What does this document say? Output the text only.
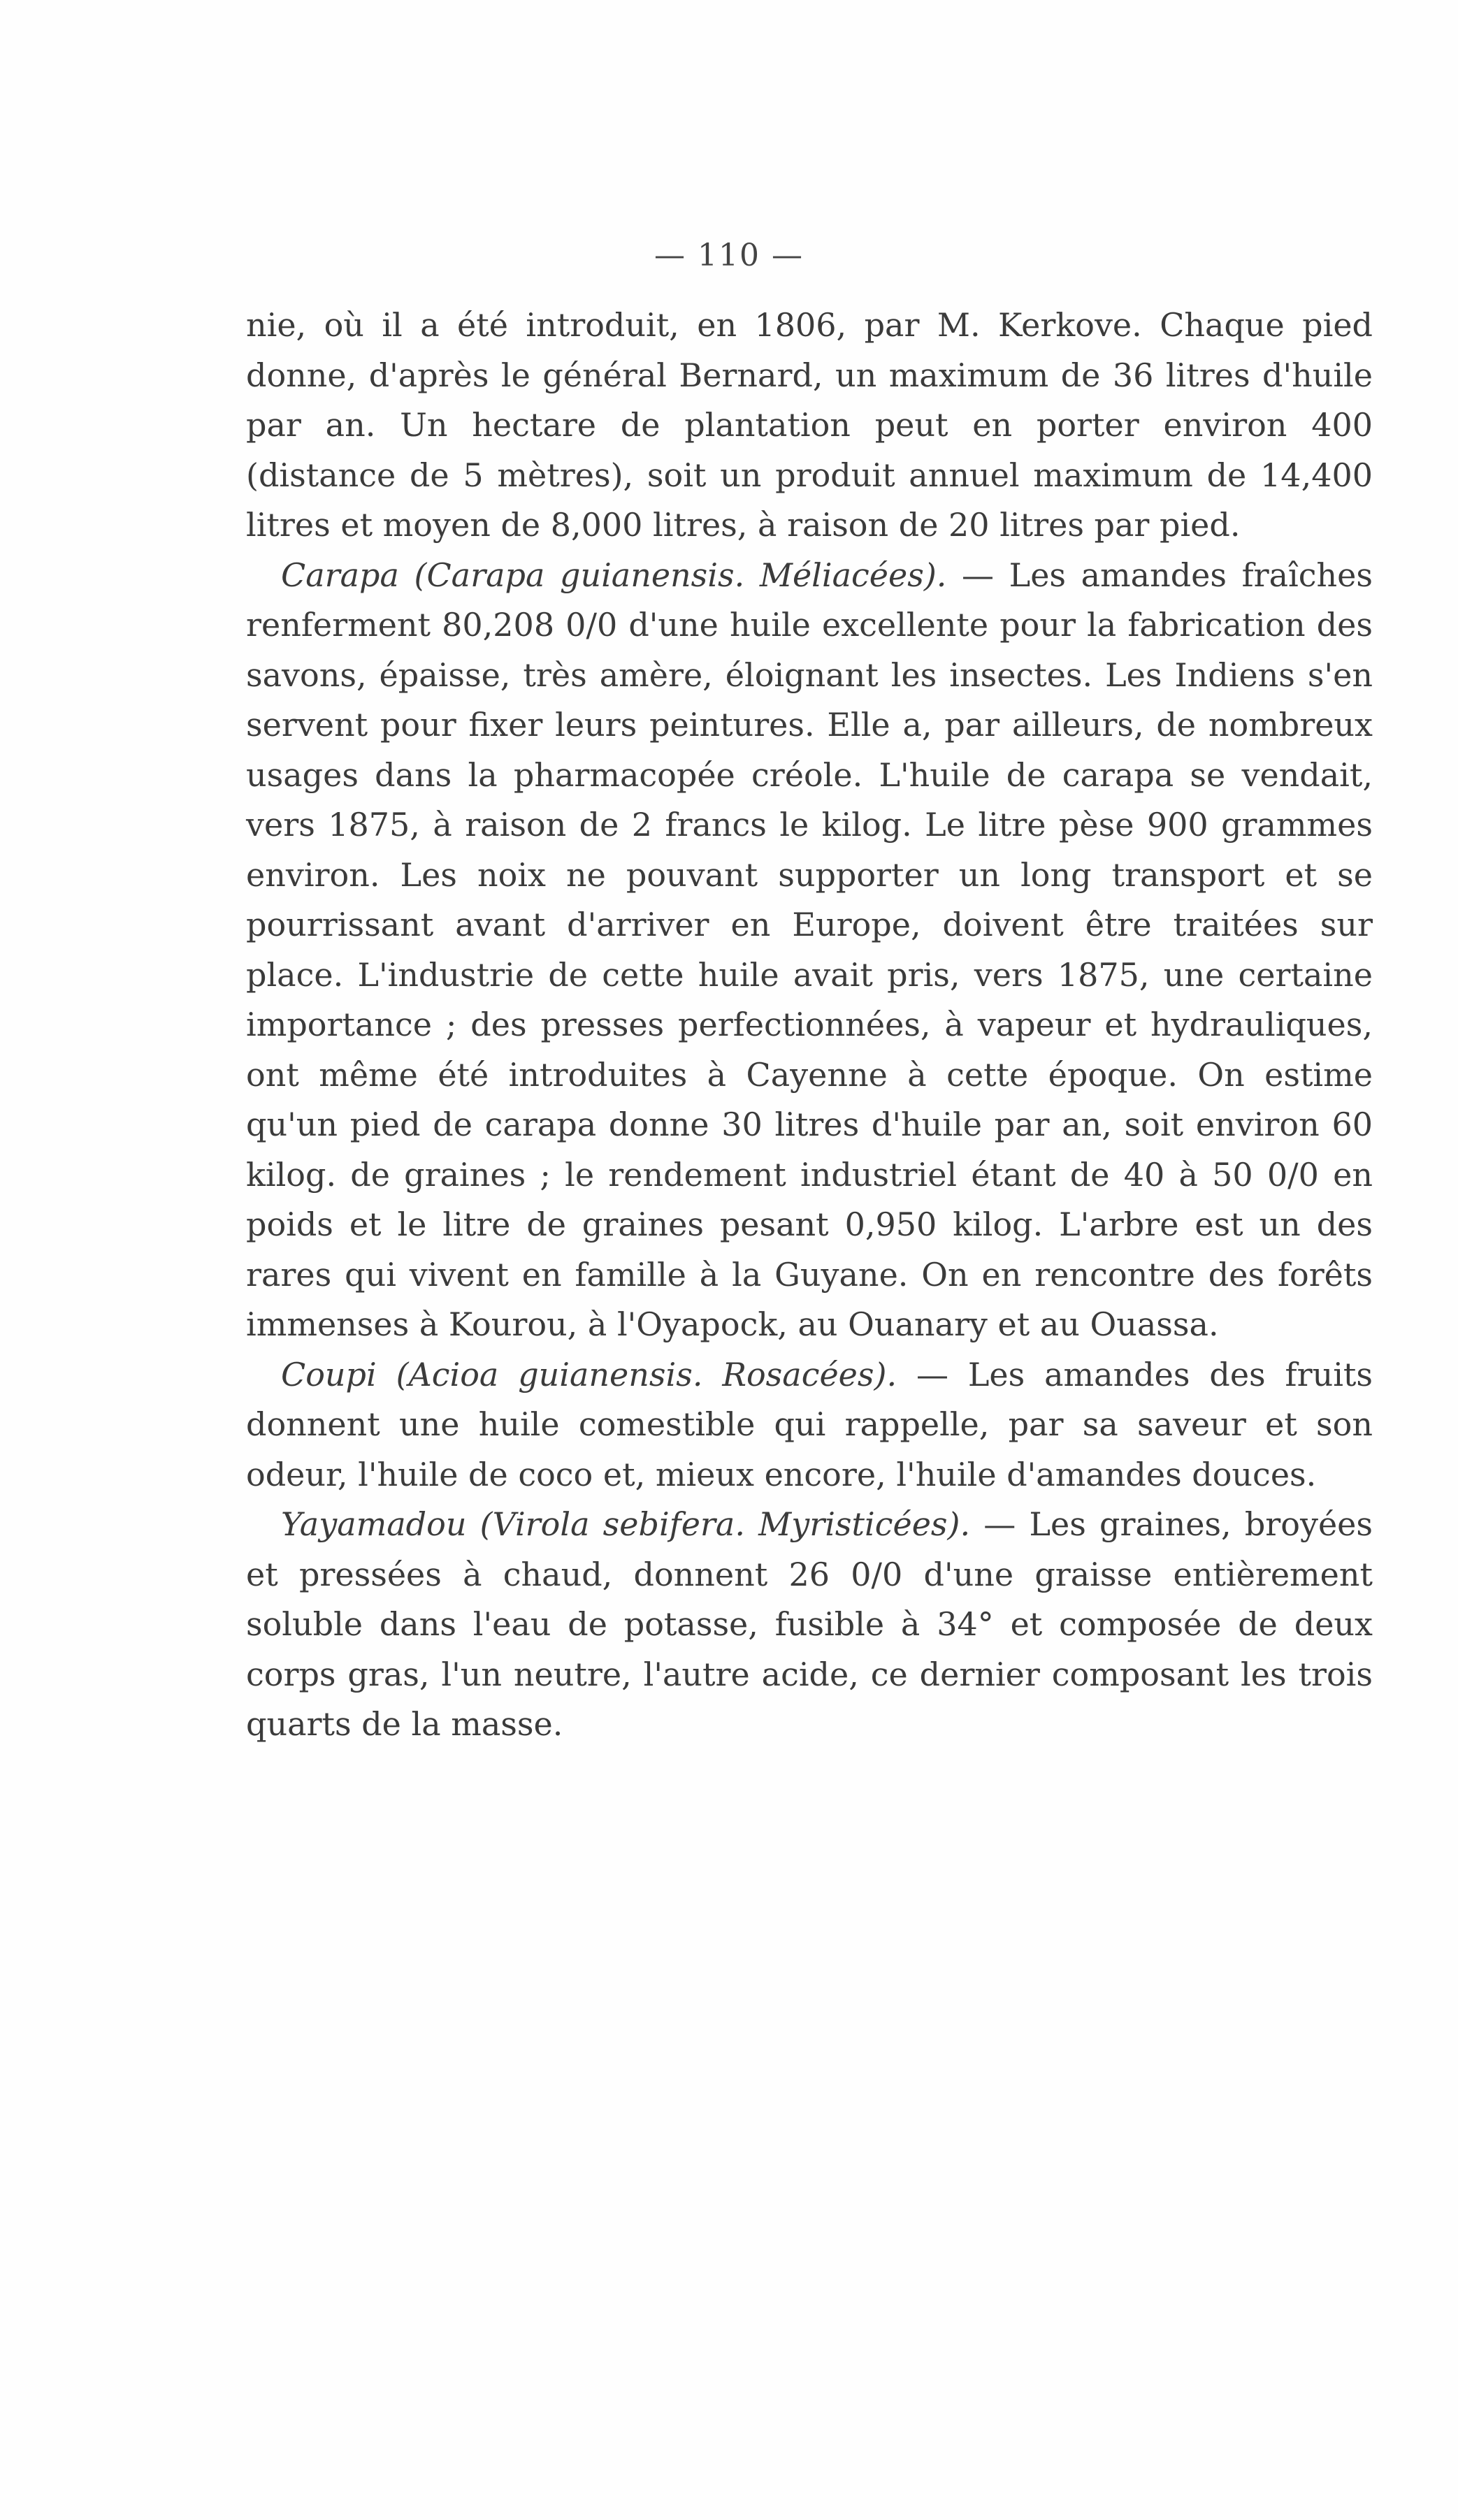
— 110 —

nie, où il a été introduit, en 1806, par M. Kerkove. Chaque pied donne, d'après le général Bernard, un maximum de 36 litres d'huile par an. Un hectare de plantation peut en porter environ 400 (distance de 5 mètres), soit un produit annuel maximum de 14,400 litres et moyen de 8,000 litres, à raison de 20 litres par pied.

Carapa (Carapa guianensis. Méliacées). — Les amandes fraîches renferment 80,208 0/0 d'une huile excellente pour la fabrication des savons, épaisse, très amère, éloignant les insectes. Les Indiens s'en servent pour fixer leurs peintures. Elle a, par ailleurs, de nombreux usages dans la pharmacopée créole. L'huile de carapa se vendait, vers 1875, à raison de 2 francs le kilog. Le litre pèse 900 grammes environ. Les noix ne pouvant supporter un long transport et se pourrissant avant d'arriver en Europe, doivent être traitées sur place. L'industrie de cette huile avait pris, vers 1875, une certaine importance ; des presses perfectionnées, à vapeur et hydrauliques, ont même été introduites à Cayenne à cette époque. On estime qu'un pied de carapa donne 30 litres d'huile par an, soit environ 60 kilog. de graines ; le rendement industriel étant de 40 à 50 0/0 en poids et le litre de graines pesant 0,950 kilog. L'arbre est un des rares qui vivent en famille à la Guyane. On en rencontre des forêts immenses à Kourou, à l'Oyapock, au Ouanary et au Ouassa.

Coupi (Acioa guianensis. Rosacées). — Les amandes des fruits donnent une huile comestible qui rappelle, par sa saveur et son odeur, l'huile de coco et, mieux encore, l'huile d'amandes douces.

Yayamadou (Virola sebifera. Myristicées). — Les graines, broyées et pressées à chaud, donnent 26 0/0 d'une graisse entièrement soluble dans l'eau de potasse, fusible à 34° et composée de deux corps gras, l'un neutre, l'autre acide, ce dernier composant les trois quarts de la masse.
